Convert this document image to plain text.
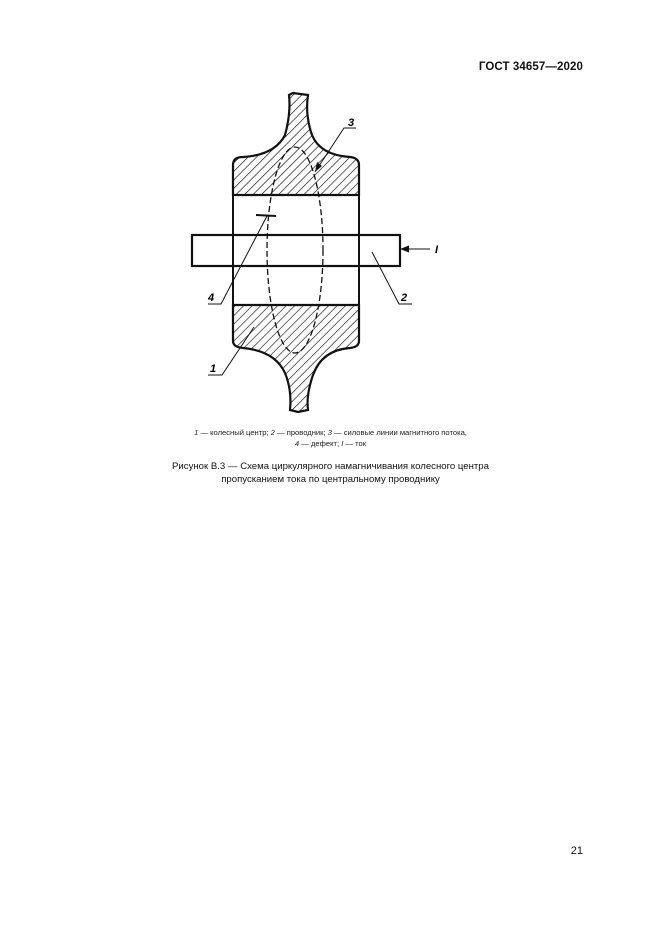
ГОСТ 34657—2020
I
3
4	2
1
1 — колесный центр; 2 — проводник; 3 — силовые линии магнитного потока,
4 — дефект; I — ток
Рисунок В.3 — Схема циркулярного намагничивания колесного центра
пропусканием тока по центральному проводнику
21
